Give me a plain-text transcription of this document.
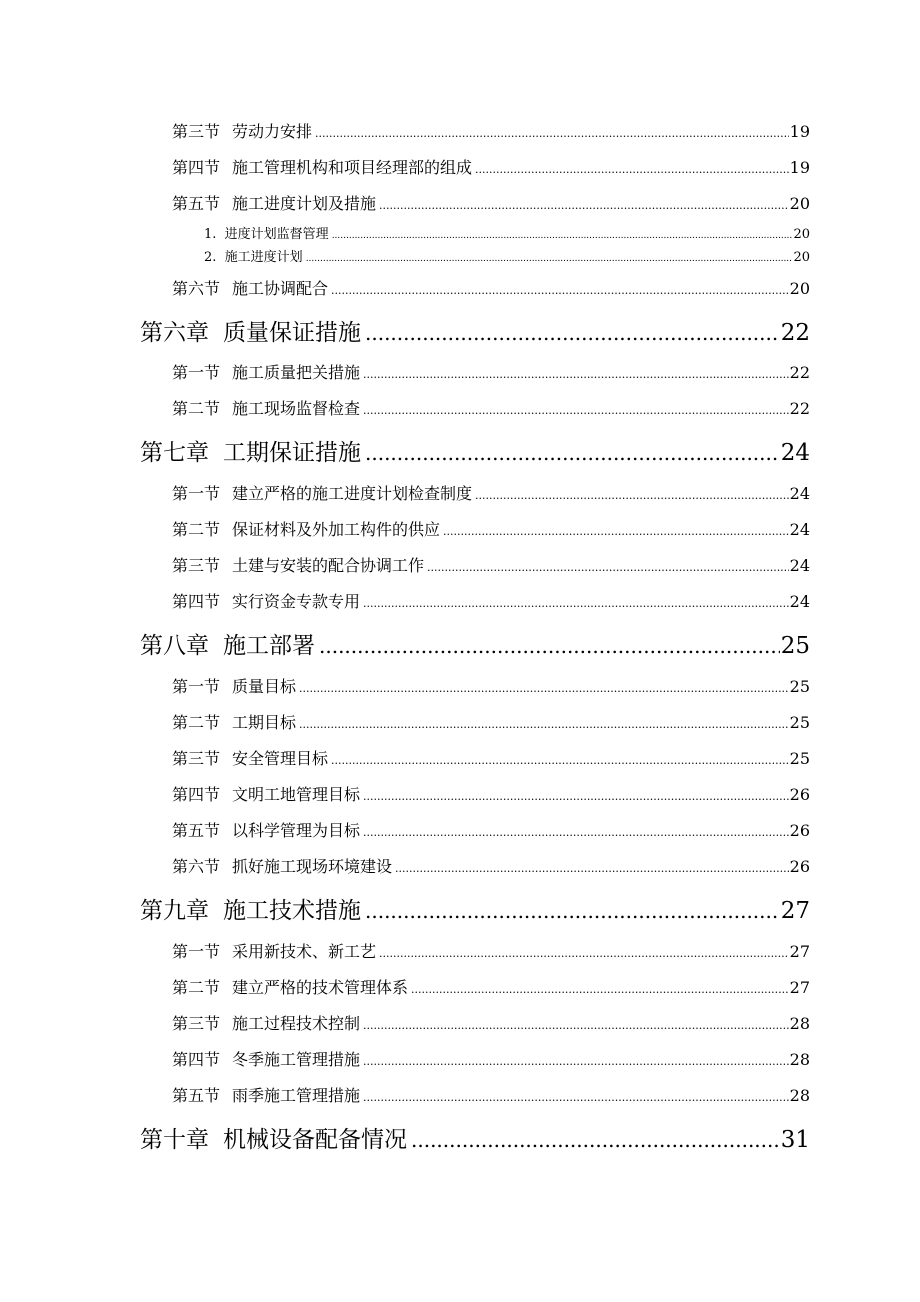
第三节 劳动力安排 .....	19
第四节 施工管理机构和项目经理部的组成 .....	19
第五节 施工进度计划及措施 .....	20
1. 进度计划监督管理 .....	20
2. 施工进度计划 .....	20
第六节 施工协调配合 .....	20
第六章 质量保证措施 .....	22
第一节 施工质量把关措施 .....	22
第二节 施工现场监督检查 .....	22
第七章 工期保证措施 .....	24
第一节 建立严格的施工进度计划检查制度 .....	24
第二节 保证材料及外加工构件的供应 .....	24
第三节 土建与安装的配合协调工作 .....	24
第四节 实行资金专款专用 .....	24
第八章 施工部署 .....	25
第一节 质量目标 .....	25
第二节 工期目标 .....	25
第三节 安全管理目标 .....	25
第四节 文明工地管理目标 .....	26
第五节 以科学管理为目标 .....	26
第六节 抓好施工现场环境建设 .....	26
第九章 施工技术措施 .....	27
第一节 采用新技术、新工艺 .....	27
第二节 建立严格的技术管理体系 .....	27
第三节 施工过程技术控制 .....	28
第四节 冬季施工管理措施 .....	28
第五节 雨季施工管理措施 .....	28
第十章 机械设备配备情况 .....	31
